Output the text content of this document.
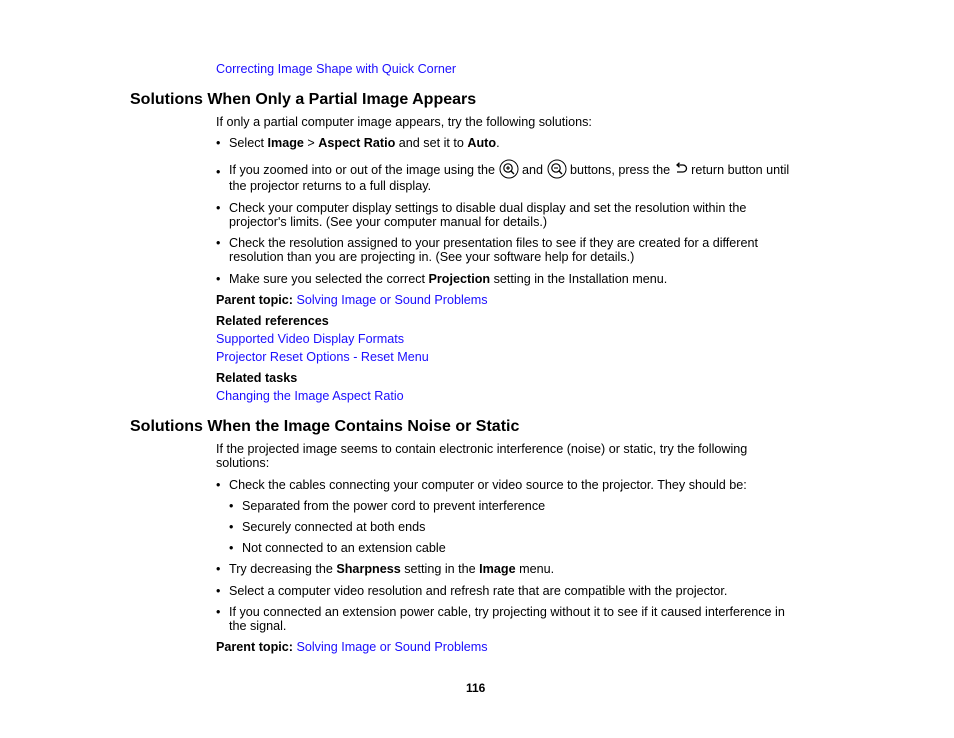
Correcting Image Shape with Quick Corner
Solutions When Only a Partial Image Appears
If only a partial computer image appears, try the following solutions:
• Select Image > Aspect Ratio and set it to Auto.
• If you zoomed into or out of the image using the and buttons, press the return button until
the projector returns to a full display.
• Check your computer display settings to disable dual display and set the resolution within the
projector's limits. (See your computer manual for details.)
• Check the resolution assigned to your presentation files to see if they are created for a different
resolution than you are projecting in. (See your software help for details.)
• Make sure you selected the correct Projection setting in the Installation menu.
Parent topic: Solving Image or Sound Problems
Related references
Supported Video Display Formats
Projector Reset Options - Reset Menu
Related tasks
Changing the Image Aspect Ratio
Solutions When the Image Contains Noise or Static
If the projected image seems to contain electronic interference (noise) or static, try the following
solutions:
• Check the cables connecting your computer or video source to the projector. They should be:
• Separated from the power cord to prevent interference
• Securely connected at both ends
• Not connected to an extension cable
• Try decreasing the Sharpness setting in the Image menu.
• Select a computer video resolution and refresh rate that are compatible with the projector.
• If you connected an extension power cable, try projecting without it to see if it caused interference in
the signal.
Parent topic: Solving Image or Sound Problems
116
